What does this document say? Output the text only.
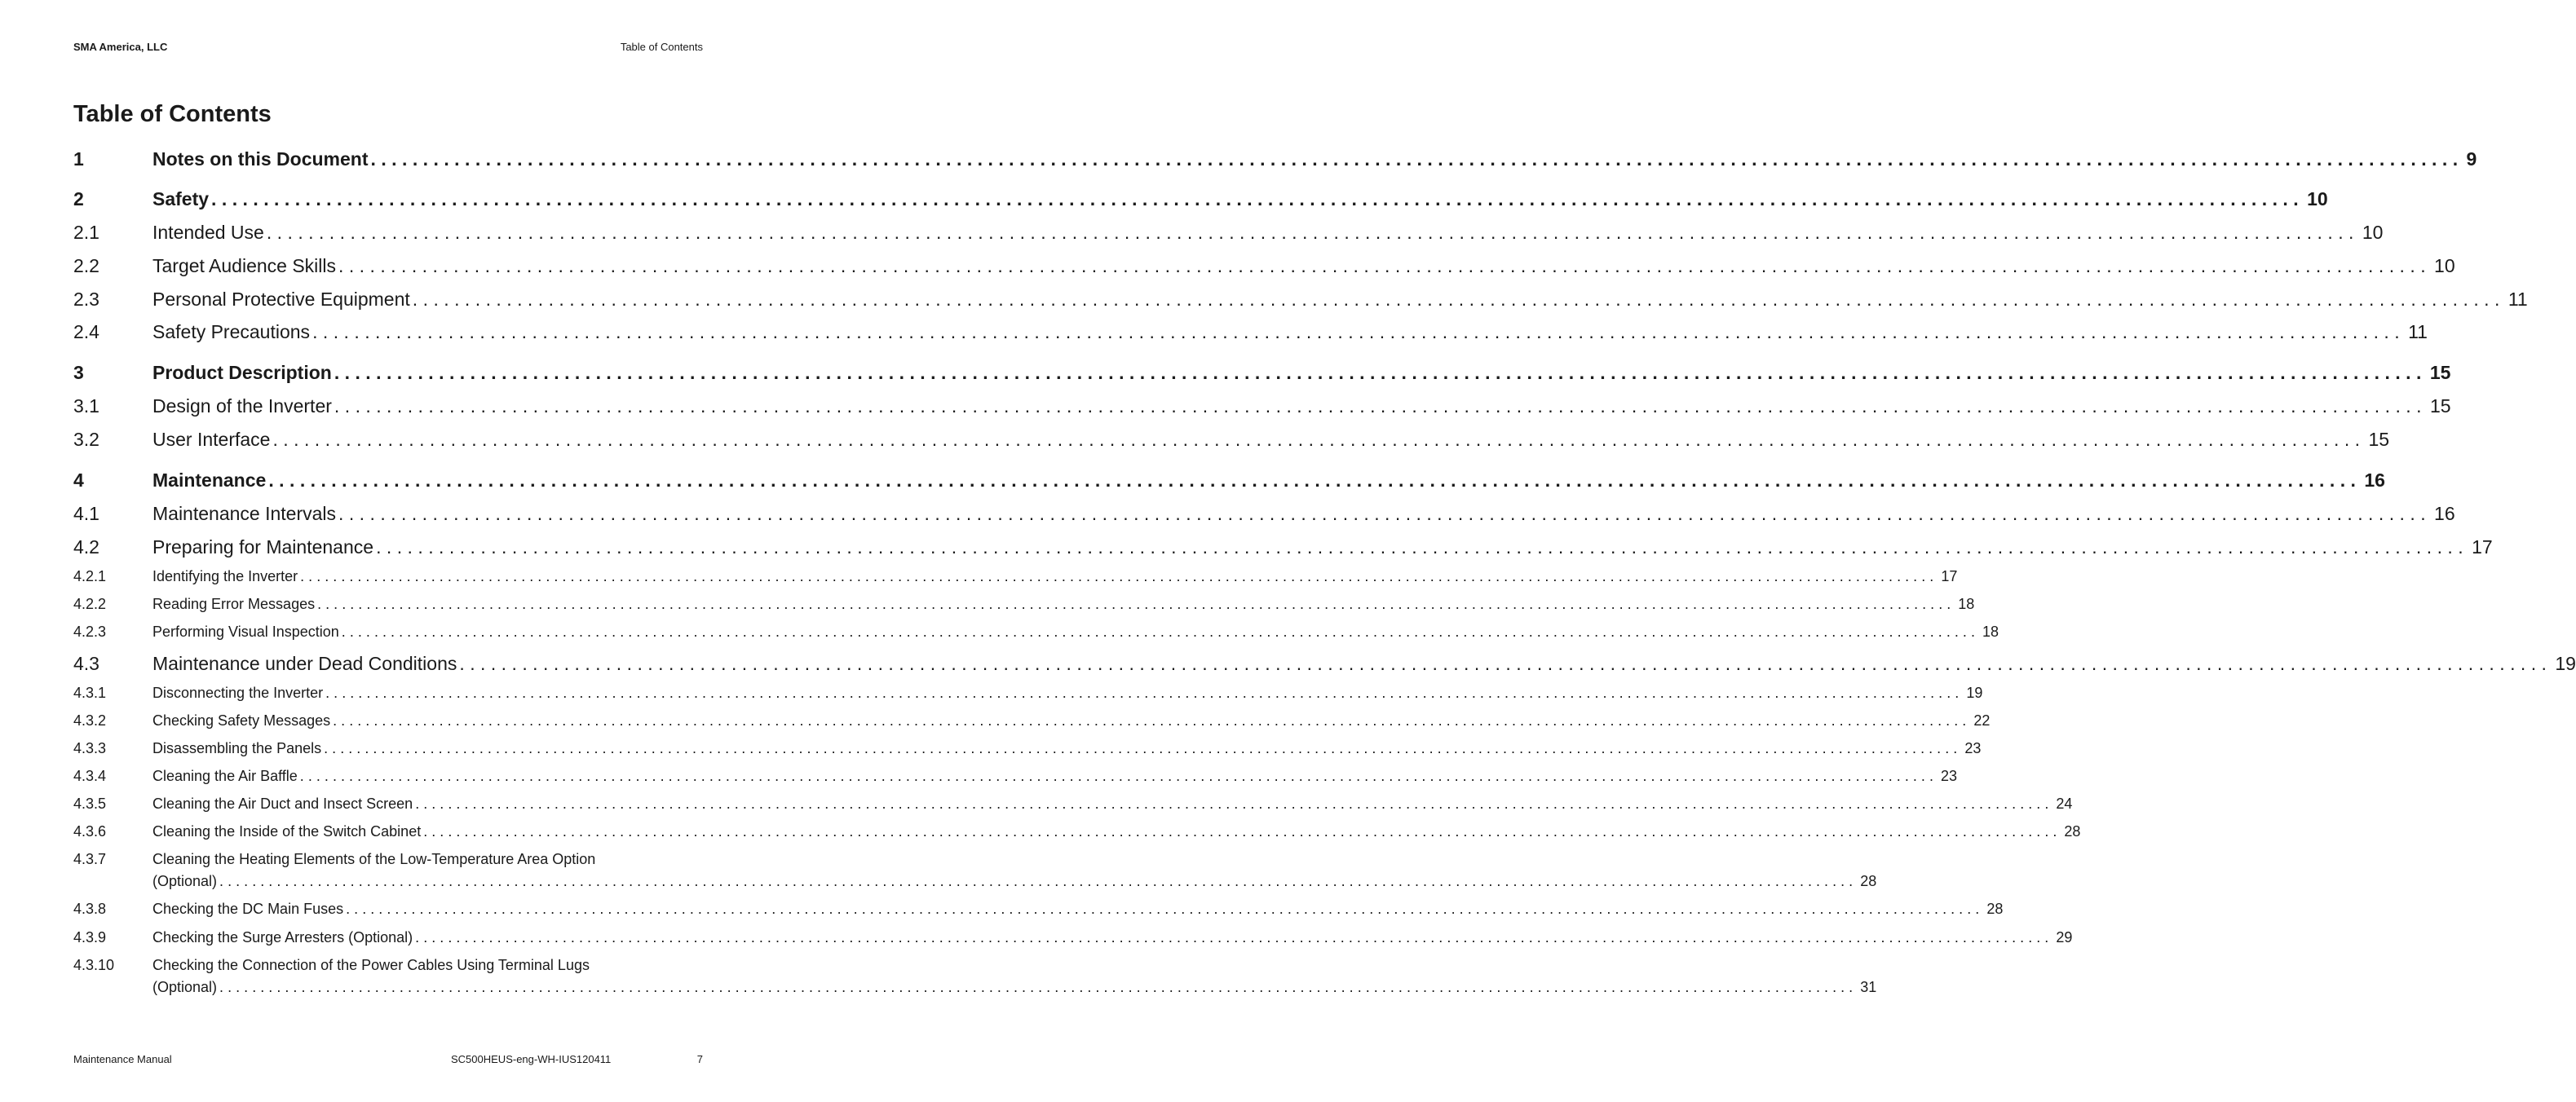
SMA America, LLC	Table of Contents
Table of Contents
1	Notes on this Document ........................................................................................................................................................................................................ 9
2	Safety ........................................................................................................................................................................................................ 10
2.1	Intended Use ........................................................................................................................................................................................................ 10
2.2	Target Audience Skills ........................................................................................................................................................................................................ 10
2.3	Personal Protective Equipment ........................................................................................................................................................................................................ 11
2.4	Safety Precautions ........................................................................................................................................................................................................ 11
3	Product Description ........................................................................................................................................................................................................ 15
3.1	Design of the Inverter ........................................................................................................................................................................................................ 15
3.2	User Interface ........................................................................................................................................................................................................ 15
4	Maintenance ........................................................................................................................................................................................................ 16
4.1	Maintenance Intervals ........................................................................................................................................................................................................ 16
4.2	Preparing for Maintenance ........................................................................................................................................................................................................ 17
4.2.1	Identifying the Inverter ........................................................................................................................................................................................................ 17
4.2.2	Reading Error Messages ........................................................................................................................................................................................................ 18
4.2.3	Performing Visual Inspection ........................................................................................................................................................................................................ 18
4.3	Maintenance under Dead Conditions ........................................................................................................................................................................................................ 19
4.3.1	Disconnecting the Inverter ........................................................................................................................................................................................................ 19
4.3.2	Checking Safety Messages ........................................................................................................................................................................................................ 22
4.3.3	Disassembling the Panels ........................................................................................................................................................................................................ 23
4.3.4	Cleaning the Air Baffle ........................................................................................................................................................................................................ 23
4.3.5	Cleaning the Air Duct and Insect Screen ........................................................................................................................................................................................................ 24
4.3.6	Cleaning the Inside of the Switch Cabinet ........................................................................................................................................................................................................ 28
4.3.7	Cleaning the Heating Elements of the Low-Temperature Area Option
(Optional) ........................................................................................................................................................................................................ 28
4.3.8	Checking the DC Main Fuses ........................................................................................................................................................................................................ 28
4.3.9	Checking the Surge Arresters (Optional) ........................................................................................................................................................................................................ 29
4.3.10	Checking the Connection of the Power Cables Using Terminal Lugs
(Optional) ........................................................................................................................................................................................................ 31
Maintenance Manual	SC500HEUS-eng-WH-IUS120411	7
